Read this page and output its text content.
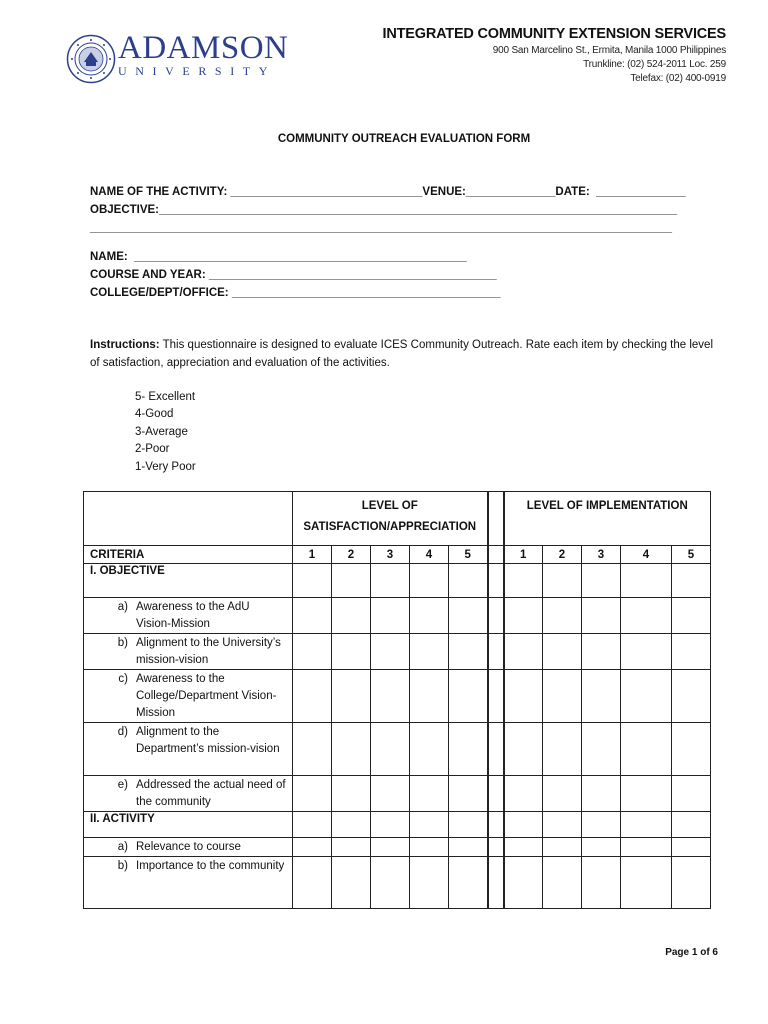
ADAMSON
UNIVERSITY
INTEGRATED COMMUNITY EXTENSION SERVICES
900 San Marcelino St., Ermita, Manila 1000 Philippines
Trunkline: (02) 524-2011 Loc. 259
Telefax: (02) 400-0919
COMMUNITY OUTREACH EVALUATION FORM
NAME OF THE ACTIVITY: ______________________________VENUE:______________DATE:  ______________
OBJECTIVE:_________________________________________________________________________________
___________________________________________________________________________________________
NAME:  ____________________________________________________
COURSE AND YEAR: _____________________________________________
COLLEGE/DEPT/OFFICE: __________________________________________
Instructions: This questionnaire is designed to evaluate ICES Community Outreach. Rate each item by checking the level of satisfaction, appreciation and evaluation of the activities.
5- Excellent
4-Good
3-Average
2-Poor
1-Very Poor

	LEVEL OF
SATISFACTION/APPRECIATION						LEVEL OF IMPLEMENTATION				
CRITERIA	1	2	3	4	5		1	2	3	4	5
I. OBJECTIVE											
a) Awareness to the AdU Vision-Mission											
b) Alignment to the University’s mission-vision											
c) Awareness to the College/Department Vision-Mission											
d) Alignment to the Department’s mission-vision											
e) Addressed the actual need of the community											
II. ACTIVITY											
a) Relevance to course											
b) Importance to the community											
Page 1 of 6
